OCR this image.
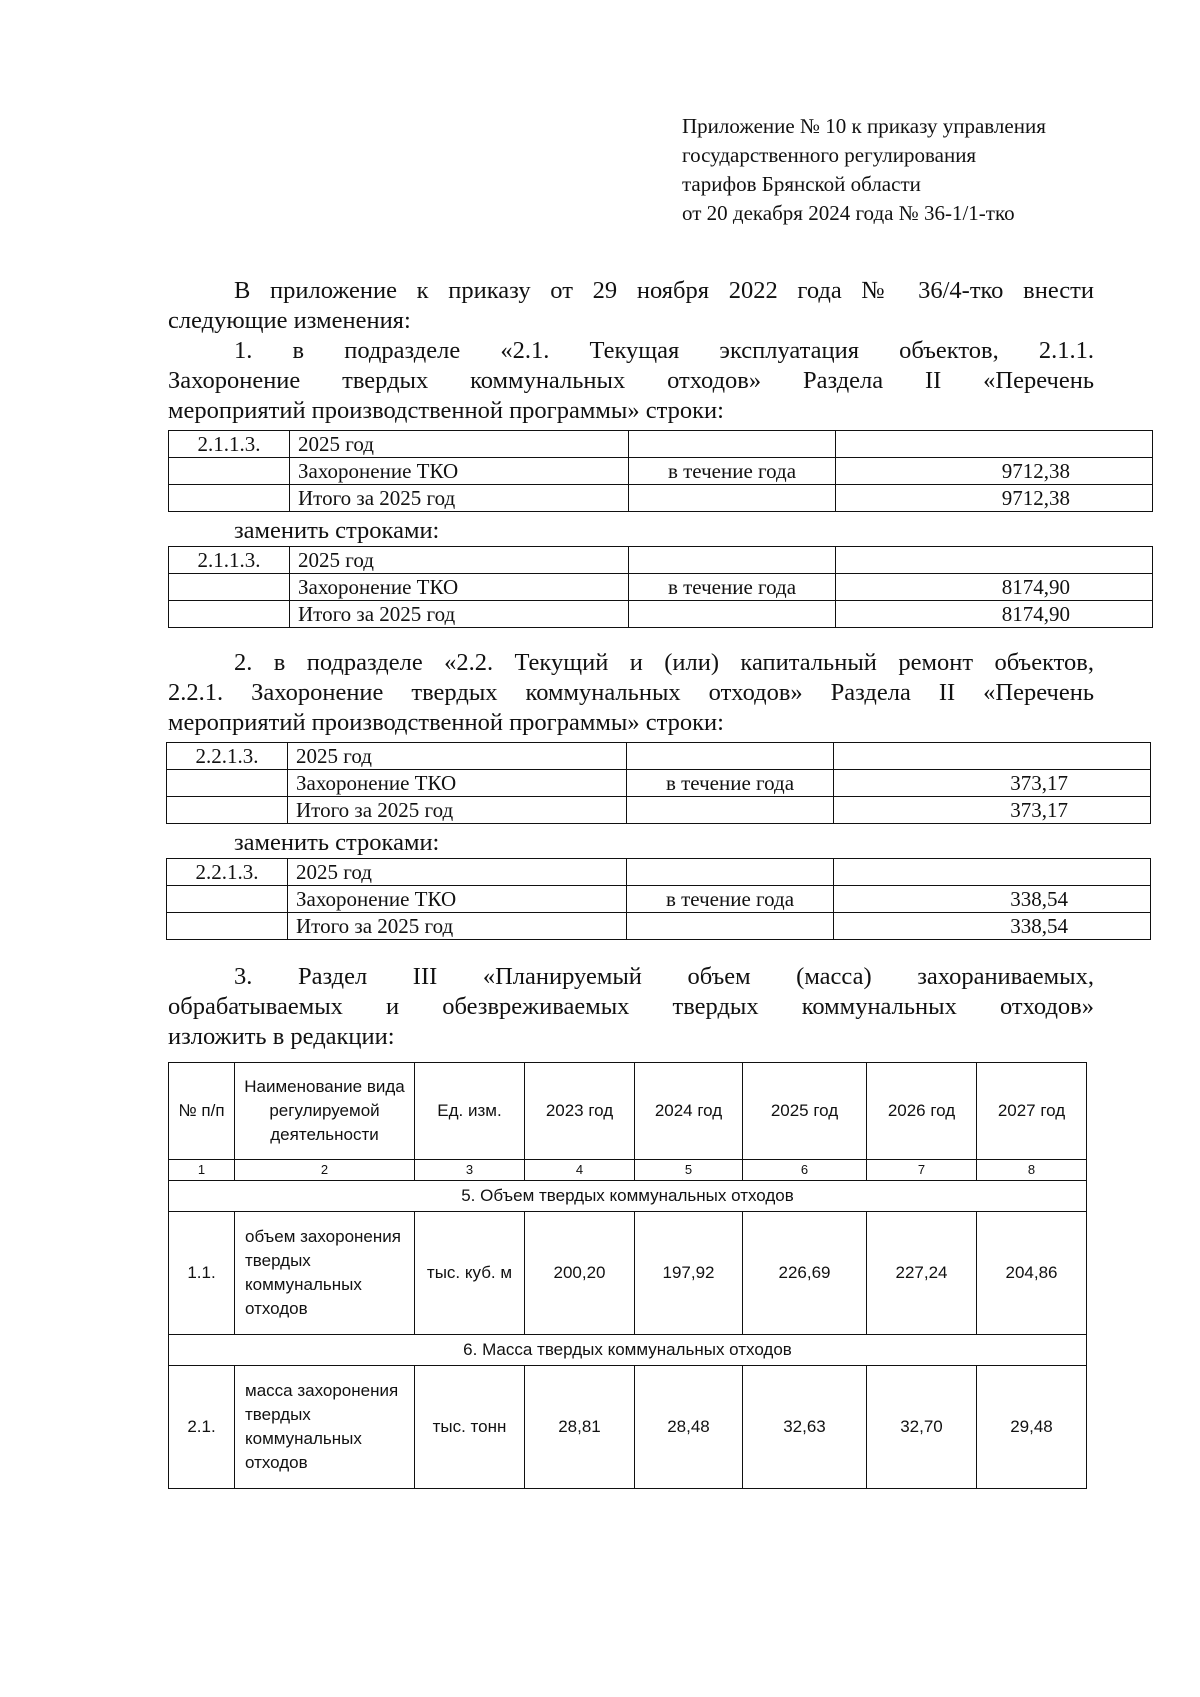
Приложение № 10 к приказу управления
государственного регулирования
тарифов Брянской области
от 20 декабря 2024 года № 36-1/1-тко
В приложение к приказу от 29 ноября 2022 года № 36/4-тко внести
следующие изменения:
1. в подразделе «2.1. Текущая эксплуатация объектов, 2.1.1.
Захоронение твердых коммунальных отходов» Раздела II «Перечень
мероприятий производственной программы» строки:
2.1.1.3.	2025 год		
	Захоронение ТКО	в течение года	9712,38
	Итого за 2025 год		9712,38
заменить строками:
2.1.1.3.	2025 год		
	Захоронение ТКО	в течение года	8174,90
	Итого за 2025 год		8174,90
2. в подразделе «2.2. Текущий и (или) капитальный ремонт объектов,
2.2.1. Захоронение твердых коммунальных отходов» Раздела II «Перечень
мероприятий производственной программы» строки:
2.2.1.3.	2025 год		
	Захоронение ТКО	в течение года	373,17
	Итого за 2025 год		373,17
заменить строками:
2.2.1.3.	2025 год		
	Захоронение ТКО	в течение года	338,54
	Итого за 2025 год		338,54
3. Раздел III «Планируемый объем (масса) захораниваемых,
обрабатываемых и обезвреживаемых твердых коммунальных отходов»
изложить в редакции:
№ п/п	Наименование вида регулируемой деятельности	Ед. изм.	2023 год	2024 год	2025 год	2026 год	2027 год
1	2	3	4	5	6	7	8
5. Объем твердых коммунальных отходов							
1.1.	объем захоронения твердых коммунальных отходов	тыс. куб. м	200,20	197,92	226,69	227,24	204,86
6. Масса твердых коммунальных отходов							
2.1.	масса захоронения твердых коммунальных отходов	тыс. тонн	28,81	28,48	32,63	32,70	29,48
